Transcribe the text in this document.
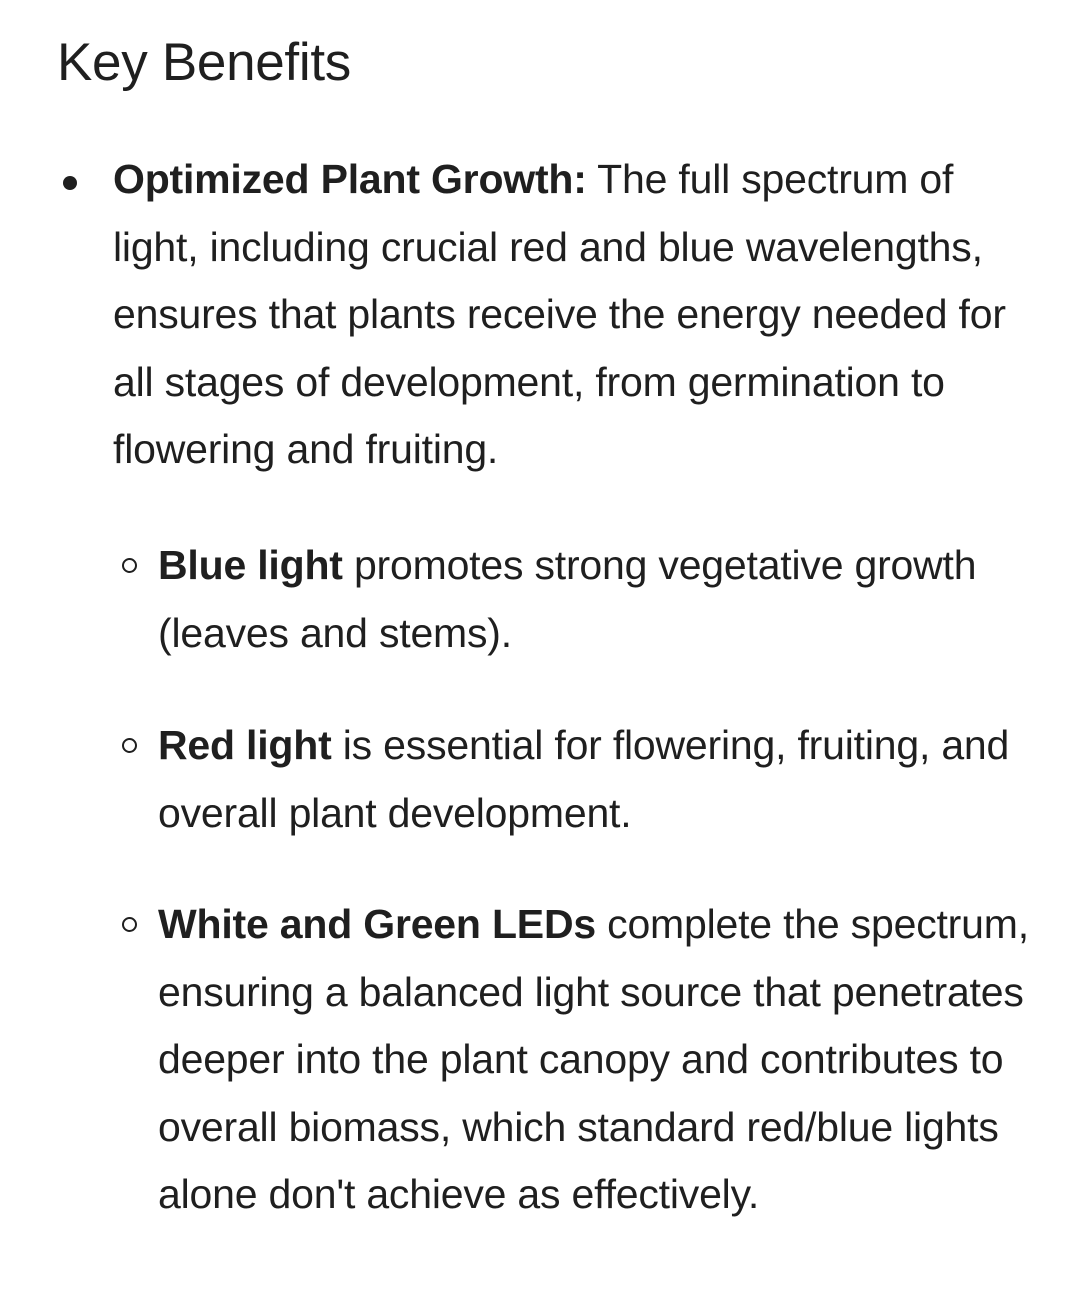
Key Benefits
Optimized Plant Growth: The full spectrum of light, including crucial red and blue wavelengths, ensures that plants receive the energy needed for all stages of development, from germination to flowering and fruiting.
Blue light promotes strong vegetative growth (leaves and stems).
Red light is essential for flowering, fruiting, and overall plant development.
White and Green LEDs complete the spectrum, ensuring a balanced light source that penetrates deeper into the plant canopy and contributes to overall biomass, which standard red/blue lights alone don't achieve as effectively.
